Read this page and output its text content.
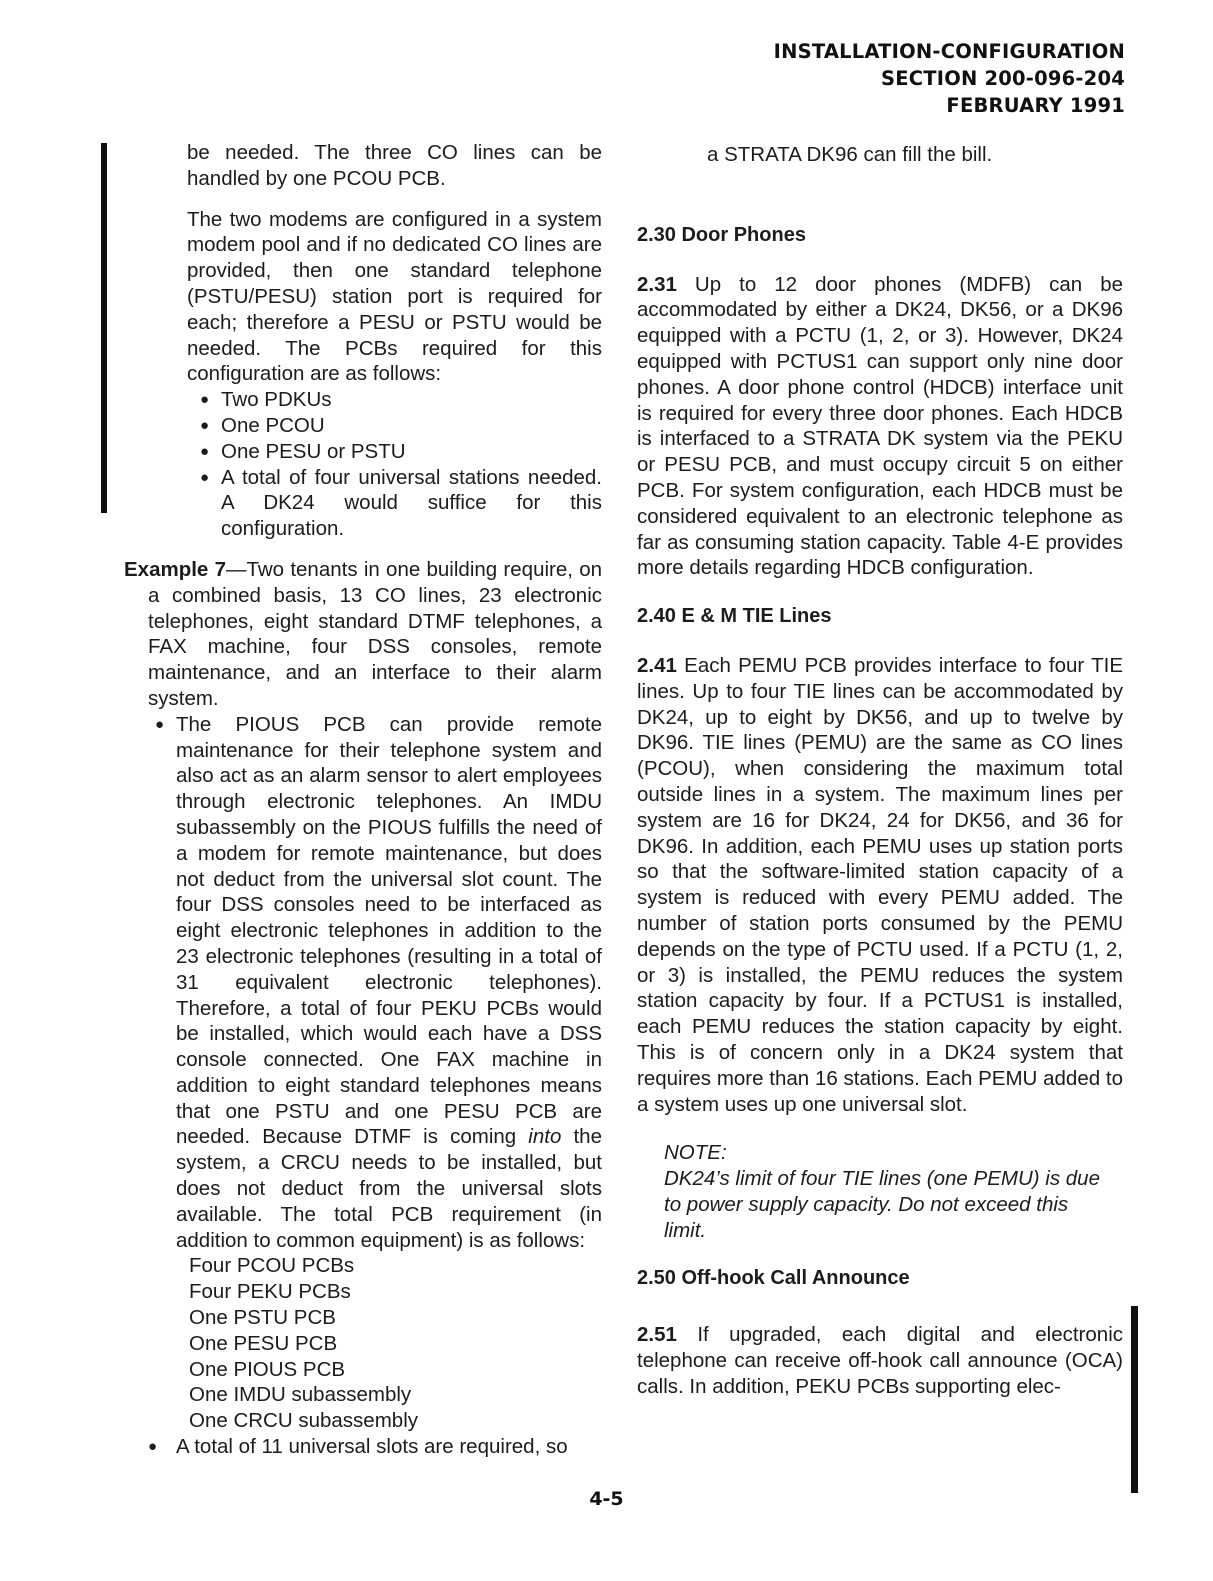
INSTALLATION-CONFIGURATION
SECTION 200-096-204
FEBRUARY 1991

be needed. The three CO lines can be handled by one PCOU PCB.

The two modems are configured in a system modem pool and if no dedicated CO lines are provided, then one standard telephone (PSTU/PESU) station port is required for each; therefore a PESU or PSTU would be needed. The PCBs required for this configuration are as follows:

● Two PDKUs
● One PCOU
● One PESU or PSTU
● A total of four universal stations needed. A DK24 would suffice for this configuration.

Example 7—Two tenants in one building require, on a combined basis, 13 CO lines, 23 electronic telephones, eight standard DTMF telephones, a FAX machine, four DSS consoles, remote maintenance, and an interface to their alarm system.

● The PIOUS PCB can provide remote maintenance for their telephone system and also act as an alarm sensor to alert employees through electronic telephones. An IMDU subassembly on the PIOUS fulfills the need of a modem for remote maintenance, but does not deduct from the universal slot count. The four DSS consoles need to be interfaced as eight electronic telephones in addition to the 23 electronic telephones (resulting in a total of 31 equivalent electronic telephones). Therefore, a total of four PEKU PCBs would be installed, which would each have a DSS console connected. One FAX machine in addition to eight standard telephones means that one PSTU and one PESU PCB are needed. Because DTMF is coming into the system, a CRCU needs to be installed, but does not deduct from the universal slots available. The total PCB requirement (in addition to common equipment) is as follows:

Four PCOU PCBs

Four PEKU PCBs

One PSTU PCB

One PESU PCB

One PIOUS PCB

One IMDU subassembly

One CRCU subassembly

● A total of 11 universal slots are required, so

a STRATA DK96 can fill the bill.

2.30 Door Phones

2.31 Up to 12 door phones (MDFB) can be accommodated by either a DK24, DK56, or a DK96 equipped with a PCTU (1, 2, or 3). However, DK24 equipped with PCTUS1 can support only nine door phones. A door phone control (HDCB) interface unit is required for every three door phones. Each HDCB is interfaced to a STRATA DK system via the PEKU or PESU PCB, and must occupy circuit 5 on either PCB. For system configuration, each HDCB must be considered equivalent to an electronic telephone as far as consuming station capacity. Table 4-E provides more details regarding HDCB configuration.

2.40 E & M TIE Lines

2.41 Each PEMU PCB provides interface to four TIE lines. Up to four TIE lines can be accommodated by DK24, up to eight by DK56, and up to twelve by DK96. TIE lines (PEMU) are the same as CO lines (PCOU), when considering the maximum total outside lines in a system. The maximum lines per system are 16 for DK24, 24 for DK56, and 36 for DK96. In addition, each PEMU uses up station ports so that the software-limited station capacity of a system is reduced with every PEMU added. The number of station ports consumed by the PEMU depends on the type of PCTU used. If a PCTU (1, 2, or 3) is installed, the PEMU reduces the system station capacity by four. If a PCTUS1 is installed, each PEMU reduces the station capacity by eight. This is of concern only in a DK24 system that requires more than 16 stations. Each PEMU added to a system uses up one universal slot.

NOTE:
DK24’s limit of four TIE lines (one PEMU) is due to power supply capacity. Do not exceed this limit.

2.50 Off-hook Call Announce

2.51 If upgraded, each digital and electronic telephone can receive off-hook call announce (OCA) calls. In addition, PEKU PCBs supporting elec-

4-5
